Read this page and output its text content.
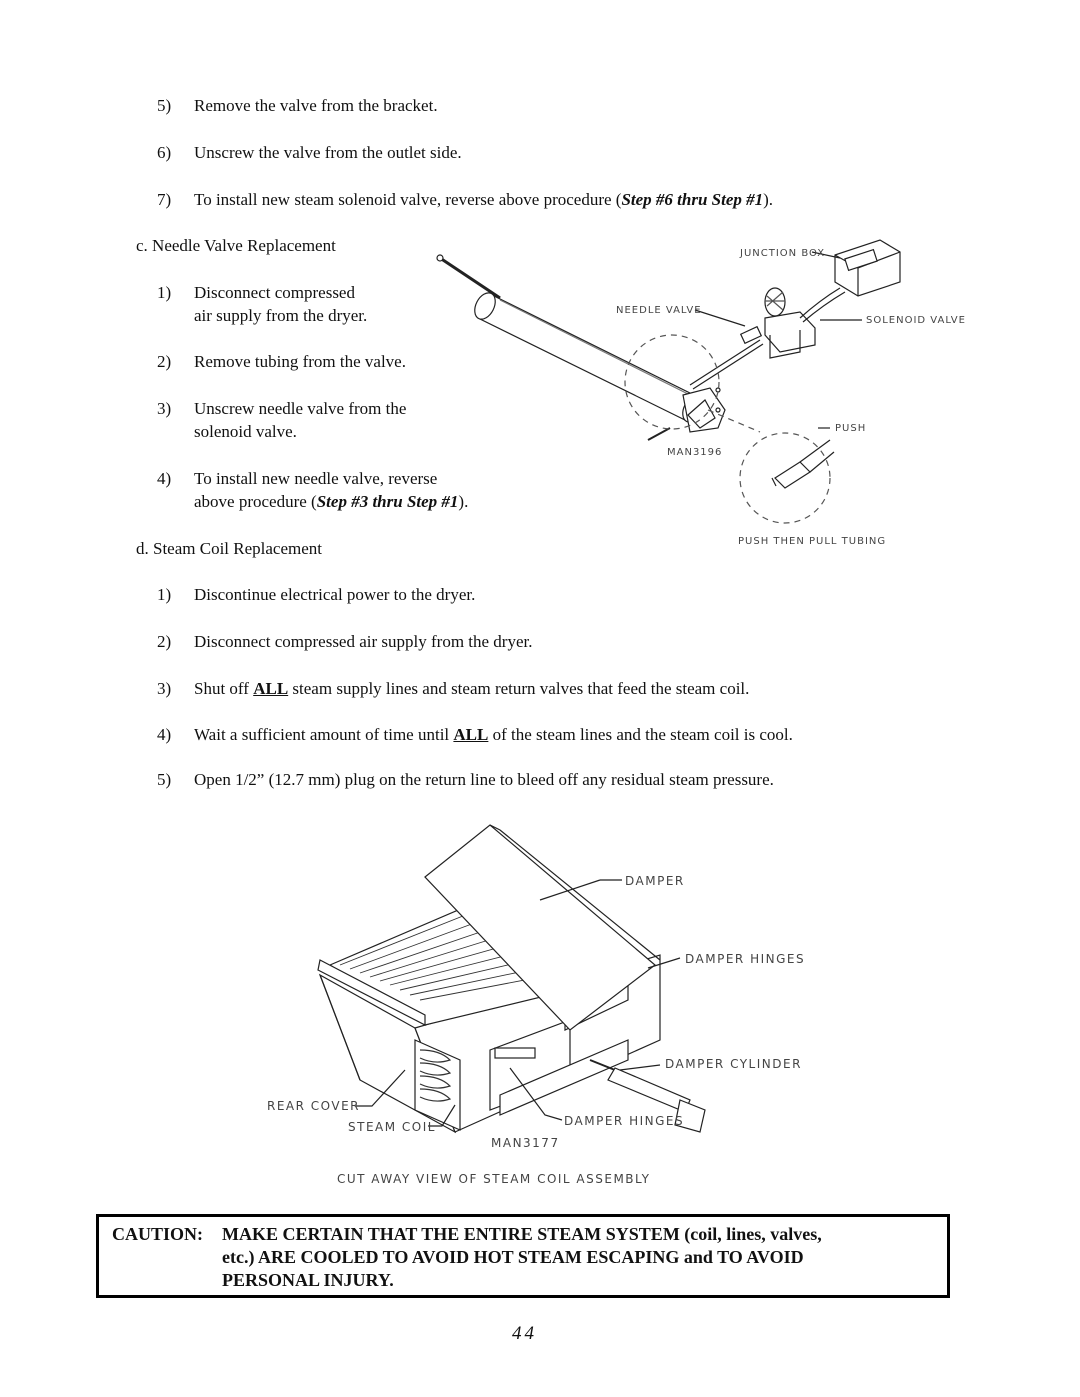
5) Remove the valve from the bracket.
6) Unscrew the valve from the outlet side.
7) To install new steam solenoid valve, reverse above procedure (Step #6 thru Step #1).
c. Needle Valve Replacement
1) Disconnect compressed
air supply from the dryer.
2) Remove tubing from the valve.
3) Unscrew needle valve from the
solenoid valve.
4) To install new needle valve, reverse
above procedure (Step #3 thru Step #1).
d. Steam Coil Replacement
1) Discontinue electrical power to the dryer.
2) Disconnect compressed air supply from the dryer.
3) Shut off ALL steam supply lines and steam return valves that feed the steam coil.
4) Wait a sufficient amount of time until ALL of the steam lines and the steam coil is cool.
5) Open 1/2” (12.7 mm) plug on the return line to bleed off any residual steam pressure.
JUNCTION BOX
NEEDLE VALVE
SOLENOID VALVE
PUSH
MAN3196
PUSH THEN PULL TUBING
DAMPER
DAMPER HINGES
DAMPER CYLINDER
REAR COVER
STEAM COIL	DAMPER HINGES
MAN3177
CUT AWAY VIEW OF STEAM COIL ASSEMBLY
CAUTION: MAKE CERTAIN THAT THE ENTIRE STEAM SYSTEM (coil, lines, valves,
etc.) ARE COOLED TO AVOID HOT STEAM ESCAPING and TO AVOID
PERSONAL INJURY.
44
